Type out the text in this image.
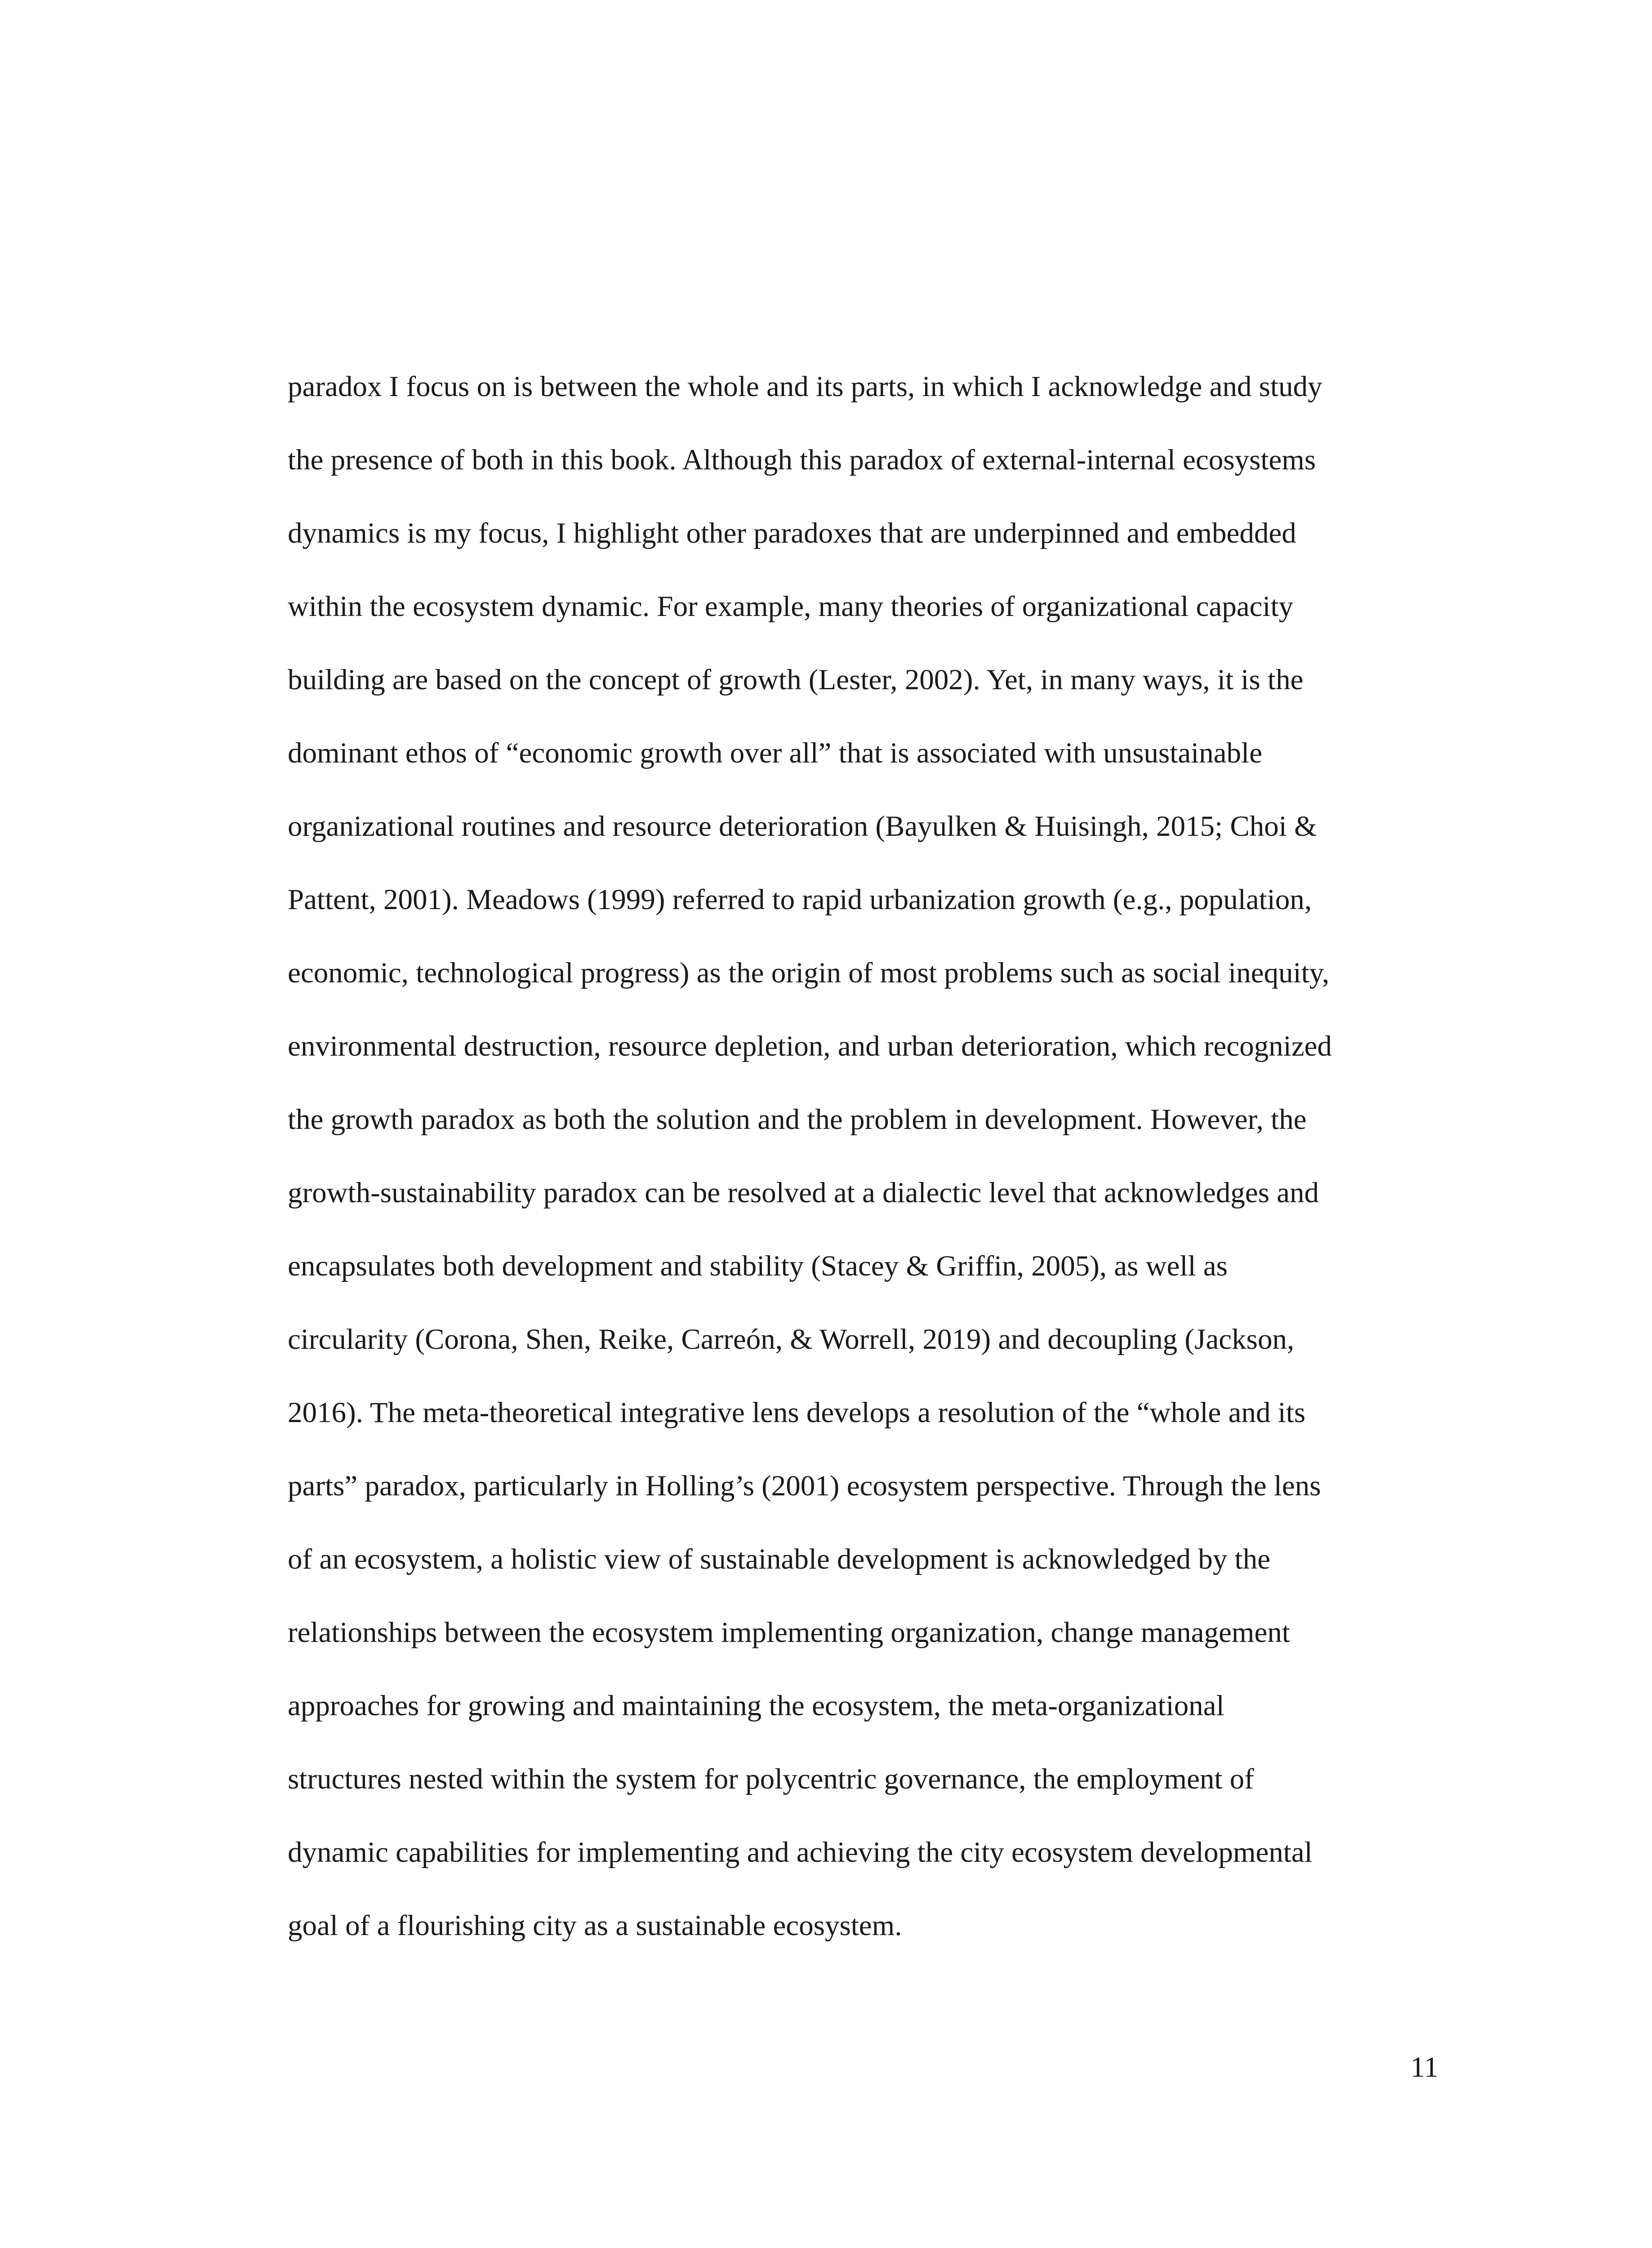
paradox I focus on is between the whole and its parts, in which I acknowledge and study
the presence of both in this book. Although this paradox of external-internal ecosystems
dynamics is my focus, I highlight other paradoxes that are underpinned and embedded
within the ecosystem dynamic. For example, many theories of organizational capacity
building are based on the concept of growth (Lester, 2002). Yet, in many ways, it is the
dominant ethos of “economic growth over all” that is associated with unsustainable
organizational routines and resource deterioration (Bayulken & Huisingh, 2015; Choi &
Pattent, 2001). Meadows (1999) referred to rapid urbanization growth (e.g., population,
economic, technological progress) as the origin of most problems such as social inequity,
environmental destruction, resource depletion, and urban deterioration, which recognized
the growth paradox as both the solution and the problem in development. However, the
growth-sustainability paradox can be resolved at a dialectic level that acknowledges and
encapsulates both development and stability (Stacey & Griffin, 2005), as well as
circularity (Corona, Shen, Reike, Carreón, & Worrell, 2019) and decoupling (Jackson,
2016). The meta-theoretical integrative lens develops a resolution of the “whole and its
parts” paradox, particularly in Holling’s (2001) ecosystem perspective. Through the lens
of an ecosystem, a holistic view of sustainable development is acknowledged by the
relationships between the ecosystem implementing organization, change management
approaches for growing and maintaining the ecosystem, the meta-organizational
structures nested within the system for polycentric governance, the employment of
dynamic capabilities for implementing and achieving the city ecosystem developmental
goal of a flourishing city as a sustainable ecosystem.
11
